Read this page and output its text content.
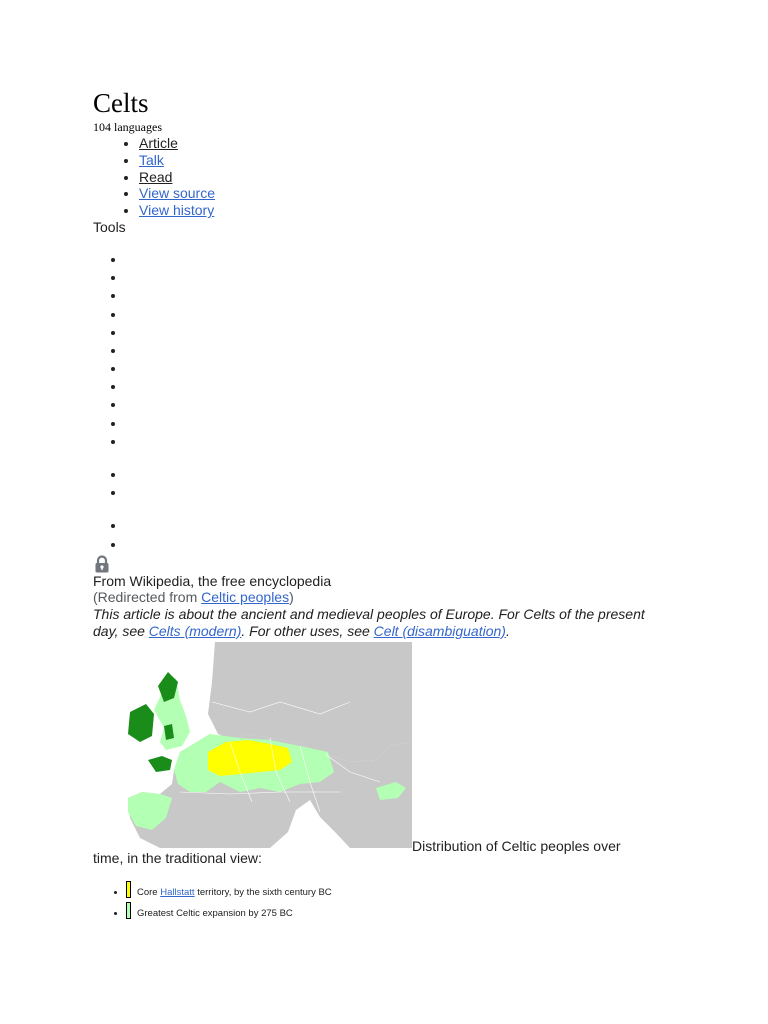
Celts
104 languages
• Article
• Talk
• Read
• View source
• View history
Tools
•
•
•
•
•
•
•
•
•
•
•
•
•
•
•

From Wikipedia, the free encyclopedia

(Redirected from Celtic peoples)

This article is about the ancient and medieval peoples of Europe. For Celts of the present day, see Celts (modern). For other uses, see Celt (disambiguation).

Distribution of Celtic peoples over

time, in the traditional view:

• Core Hallstatt territory, by the sixth century BC
• Greatest Celtic expansion by 275 BC
